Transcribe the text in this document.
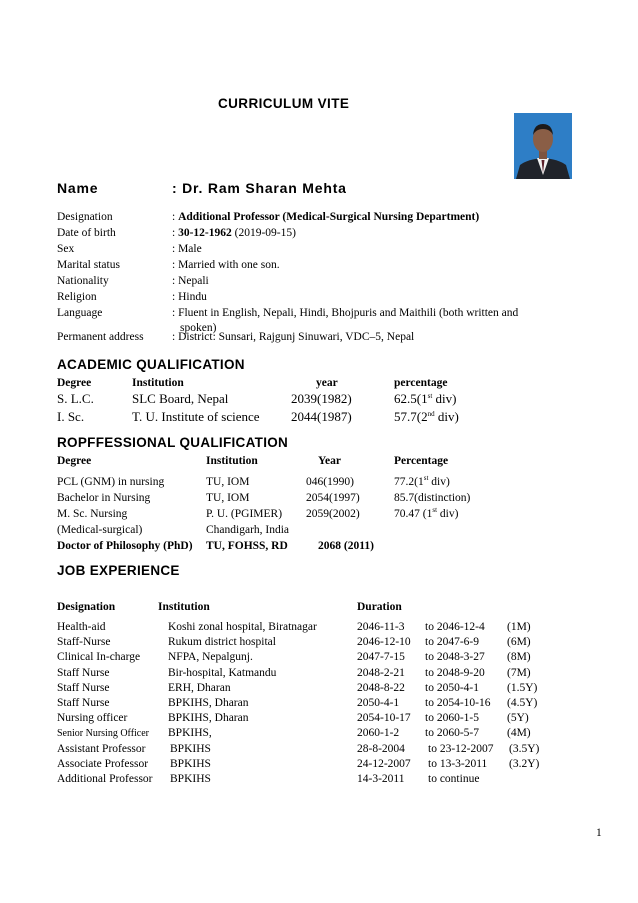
CURRICULUM VITE
Name	: Dr. Ram Sharan Mehta
Designation	: Additional Professor (Medical-Surgical Nursing Department)
Date of birth	: 30-12-1962 (2019-09-15)
Sex	: Male
Marital status	: Married with one son.
Nationality	: Nepali
Religion	: Hindu
Language	: Fluent in English, Nepali, Hindi, Bhojpuris and Maithili (both written and
spoken)
Permanent address : District: Sunsari, Rajgunj Sinuwari, VDC–5, Nepal
ACADEMIC QUALIFICATION
Degree	Institution	year	percentage
S. L.C.	SLC Board, Nepal	2039(1982)	62.5(1st div)
I. Sc.	T. U. Institute of science 2044(1987)	57.7(2nd div)
ROPFFESSIONAL QUALIFICATION
Degree	Institution	Year	Percentage
PCL (GNM) in nursing	TU, IOM	046(1990)	77.2(1st div)
Bachelor in Nursing	TU, IOM	2054(1997)	85.7(distinction)
M. Sc. Nursing	P. U. (PGIMER) 2059(2002)	70.47 (1st div)
(Medical-surgical)	Chandigarh, India
Doctor of Philosophy (PhD) TU, FOHSS, RD	2068 (2011)
JOB EXPERIENCE
Designation	Institution	Duration
Health-aid	Koshi zonal hospital, Biratnagar	2046-11-3 to 2046-12-4 (1M)
Staff-Nurse	Rukum district hospital	2046-12-10 to 2047-6-9 (6M)
Clinical In-charge NFPA, Nepalgunj.	2047-7-15 to 2048-3-27 (8M)
Staff Nurse	Bir-hospital, Katmandu	2048-2-21 to 2048-9-20 (7M)
Staff Nurse	ERH, Dharan	2048-8-22 to 2050-4-1 (1.5Y)
Staff Nurse	BPKIHS, Dharan	2050-4-1 to 2054-10-16 (4.5Y)
Nursing officer	BPKIHS, Dharan	2054-10-17 to 2060-1-5 (5Y)
Senior Nursing Officer BPKIHS,	2060-1-2 to 2060-5-7 (4M)
Assistant Professor BPKIHS	28-8-2004 to 23-12-2007 (3.5Y)
Associate Professor BPKIHS	24-12-2007 to 13-3-2011 (3.2Y)
Additional Professor BPKIHS	14-3-2011 to continue
1
